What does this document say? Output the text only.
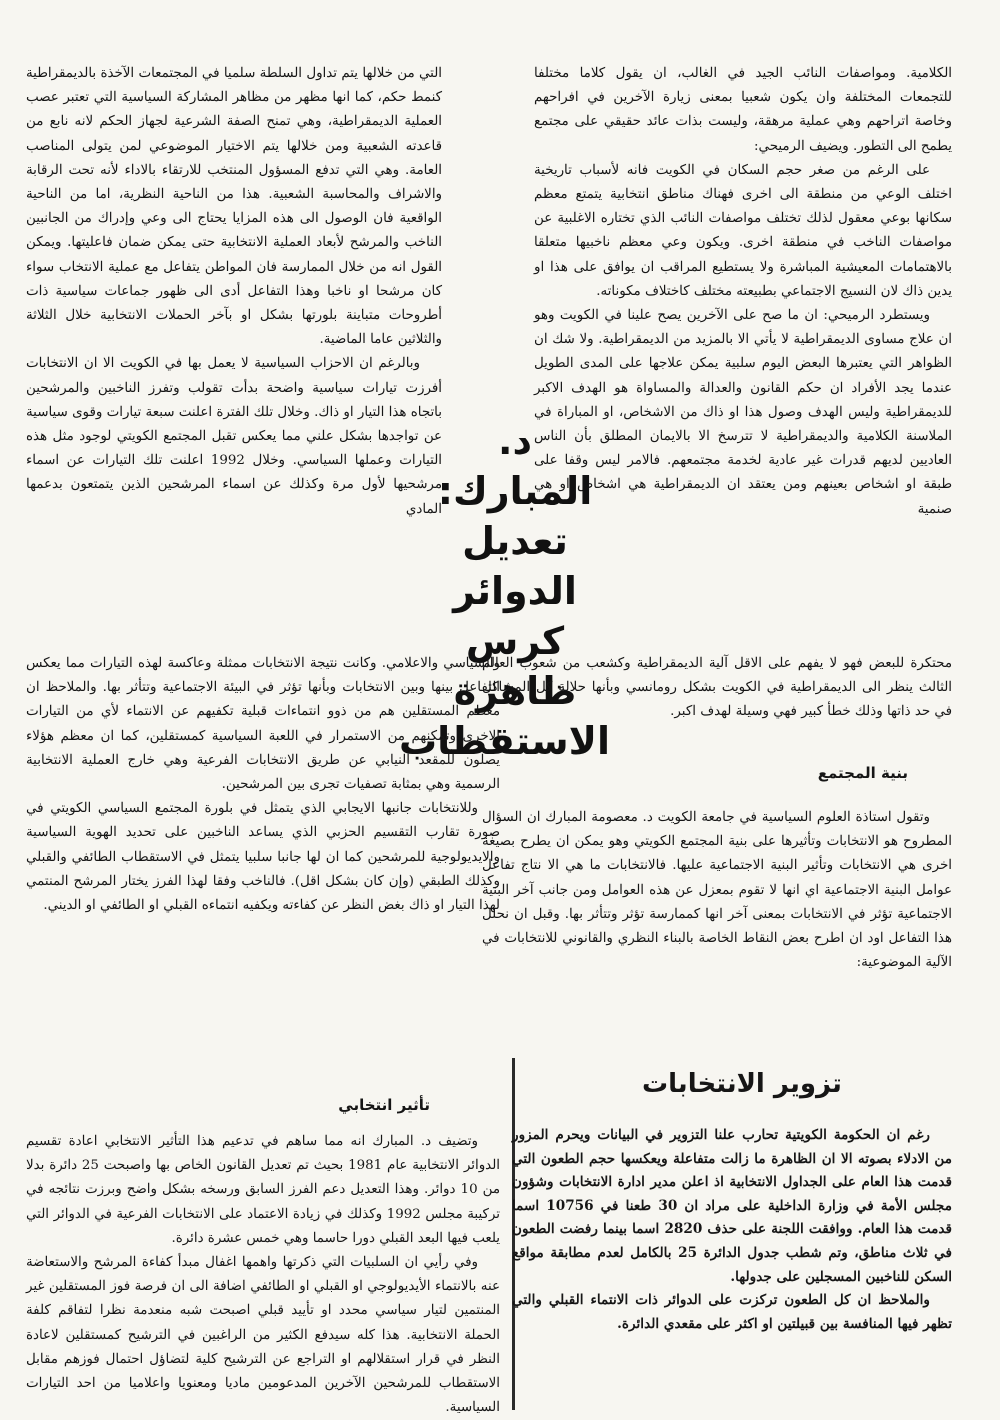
الكلامية. ومواصفات النائب الجيد في الغالب، ان يقول كلاما مختلفا للتجمعات المختلفة وان يكون شعبيا بمعنى زيارة الآخرين في افراحهم وخاصة اتراحهم وهي عملية مرهقة، وليست بذات عائد حقيقي على مجتمع يطمح الى التطور. ويضيف الرميحي:

على الرغم من صغر حجم السكان في الكويت فانه لأسباب تاريخية اختلف الوعي من منطقة الى اخرى فهناك مناطق انتخابية يتمتع معظم سكانها بوعي معقول لذلك تختلف مواصفات النائب الذي تختاره الاغلبية عن مواصفات الناخب في منطقة اخرى. ويكون وعي معظم ناخبيها متعلقا بالاهتمامات المعيشية المباشرة ولا يستطيع المراقب ان يوافق على هذا او يدين ذاك لان النسيج الاجتماعي بطبيعته مختلف كاختلاف مكوناته.

ويستطرد الرميحي: ان ما صح على الآخرين يصح علينا في الكويت وهو ان علاج مساوى الديمقراطية لا يأتي الا بالمزيد من الديمقراطية. ولا شك ان الظواهر التي يعتبرها البعض اليوم سلبية يمكن علاجها على المدى الطويل عندما يجد الأفراد ان حكم القانون والعدالة والمساواة هو الهدف الاكبر للديمقراطية وليس الهدف وصول هذا او ذاك من الاشخاص، او المباراة في الملاسنة الكلامية والديمقراطية لا تترسخ الا بالايمان المطلق بأن الناس العاديين لديهم قدرات غير عادية لخدمة مجتمعهم. فالامر ليس وقفا على طبقة او اشخاص بعينهم ومن يعتقد ان الديمقراطية هي اشخاص او هي صنمية

التي من خلالها يتم تداول السلطة سلميا في المجتمعات الآخذة بالديمقراطية كنمط حكم، كما انها مظهر من مظاهر المشاركة السياسية التي تعتبر عصب العملية الديمقراطية، وهي تمنح الصفة الشرعية لجهاز الحكم لانه نابع من قاعدته الشعبية ومن خلالها يتم الاختيار الموضوعي لمن يتولى المناصب العامة. وهي التي تدفع المسؤول المنتخب للارتقاء بالاداء لأنه تحت الرقابة والاشراف والمحاسبة الشعبية. هذا من الناحية النظرية، اما من الناحية الواقعية فان الوصول الى هذه المزايا يحتاج الى وعي وإدراك من الجانبين الناخب والمرشح لأبعاد العملية الانتخابية حتى يمكن ضمان فاعليتها. ويمكن القول انه من خلال الممارسة فان المواطن يتفاعل مع عملية الانتخاب سواء كان مرشحا او ناخبا وهذا التفاعل أدى الى ظهور جماعات سياسية ذات أطروحات متباينة بلورتها بشكل او بآخر الحملات الانتخابية خلال الثلاثة والثلاثين عاما الماضية.

وبالرغم ان الاحزاب السياسية لا يعمل بها في الكويت الا ان الانتخابات أفرزت تيارات سياسية واضحة بدأت تقولب وتفرز الناخبين والمرشحين باتجاه هذا التيار او ذاك. وخلال تلك الفترة اعلنت سبعة تيارات وقوى سياسية عن تواجدها بشكل علني مما يعكس تقبل المجتمع الكويتي لوجود مثل هذه التيارات وعملها السياسي. وخلال 1992 اعلنت تلك التيارات عن اسماء مرشحيها لأول مرة وكذلك عن اسماء المرشحين الذين يتمتعون بدعمها المادي

د. المبارك:
تعديل الدوائر
كرس ظاهرة
الاستقطاب

محتكرة للبعض فهو لا يفهم على الاقل آلية الديمقراطية وكشعب من شعوب العالم الثالث ينظر الى الديمقراطية في الكويت بشكل رومانسي وبأنها حلالة كل المشاكل في حد ذاتها وذلك خطأ كبير فهي وسيلة لهدف اكبر.

والسياسي والاعلامي. وكانت نتيجة الانتخابات ممثلة وعاكسة لهذه التيارات مما يعكس التفاعل بينها وبين الانتخابات وبأنها تؤثر في البيئة الاجتماعية وتتأثر بها. والملاحظ ان معظم المستقلين هم من ذوو انتماءات قبلية تكفيهم عن الانتماء لأي من التيارات الاخرى وتمكنهم من الاستمرار في اللعبة السياسية كمستقلين، كما ان معظم هؤلاء يصلون للمقعد النيابي عن طريق الانتخابات الفرعية وهي خارج العملية الانتخابية الرسمية وهي بمثابة تصفيات تجرى بين المرشحين.

وللانتخابات جانبها الايجابي الذي يتمثل في بلورة المجتمع السياسي الكويتي في صورة تقارب التقسيم الحزبي الذي يساعد الناخبين على تحديد الهوية السياسية والايديولوجية للمرشحين كما ان لها جانبا سلبيا يتمثل في الاستقطاب الطائفي والقبلي وكذلك الطبقي (وإن كان بشكل اقل). فالناخب وفقا لهذا الفرز يختار المرشح المنتمي لهذا التيار او ذاك بغض النظر عن كفاءته ويكفيه انتماءه القبلي او الطائفي او الديني.

بنية المجتمع

وتقول استاذة العلوم السياسية في جامعة الكويت د. معصومة المبارك ان السؤال المطروح هو الانتخابات وتأثيرها على بنية المجتمع الكويتي وهو يمكن ان يطرح بصيغة اخرى هي الانتخابات وتأثير البنية الاجتماعية عليها. فالانتخابات ما هي الا نتاج تفاعل عوامل البنية الاجتماعية اي انها لا تقوم بمعزل عن هذه العوامل ومن جانب آخر البنية الاجتماعية تؤثر في الانتخابات بمعنى آخر انها كممارسة تؤثر وتتأثر بها. وقبل ان نحلل هذا التفاعل اود ان اطرح بعض النقاط الخاصة بالبناء النظري والقانوني للانتخابات في الآلية الموضوعية:

تأثير انتخابي

وتضيف د. المبارك انه مما ساهم في تدعيم هذا التأثير الانتخابي اعادة تقسيم الدوائر الانتخابية عام 1981 بحيث تم تعديل القانون الخاص بها واصبحت 25 دائرة بدلا من 10 دوائر. وهذا التعديل دعم الفرز السابق ورسخه بشكل واضح وبرزت نتائجه في تركيبة مجلس 1992 وكذلك في زيادة الاعتماد على الانتخابات الفرعية في الدوائر التي يلعب فيها البعد القبلي دورا حاسما وهي خمس عشرة دائرة.

وفي رأيي ان السلبيات التي ذكرتها واهمها اغفال مبدأ كفاءة المرشح والاستعاضة عنه بالانتماء الأيديولوجي او القبلي او الطائفي اضافة الى ان فرصة فوز المستقلين غير المنتمين لتيار سياسي محدد او تأييد قبلي اصبحت شبه منعدمة نظرا لتفاقم كلفة الحملة الانتخابية. هذا كله سيدفع الكثير من الراغبين في الترشيح كمستقلين لاعادة النظر في قرار استقلالهم او التراجع عن الترشيح كلية لتضاؤل احتمال فوزهم مقابل الاستقطاب للمرشحين الآخرين المدعومين ماديا ومعنويا واعلاميا من احد التيارات السياسية.

تزوير الانتخابات

رغم ان الحكومة الكويتية تحارب علنا التزوير في البيانات ويحرم المزور من الادلاء بصوته الا ان الظاهرة ما زالت متفاعلة ويعكسها حجم الطعون التي قدمت هذا العام على الجداول الانتخابية اذ اعلن مدير ادارة الانتخابات وشؤون مجلس الأمة في وزارة الداخلية على مراد ان 30 طعنا في 10756 اسما قدمت هذا العام. ووافقت اللجنة على حذف 2820 اسما بينما رفضت الطعون في ثلاث مناطق، وتم شطب جدول الدائرة 25 بالكامل لعدم مطابقة مواقع السكن للناخبين المسجلين على جدولها.

والملاحظ ان كل الطعون تركزت على الدوائر ذات الانتماء القبلي والتي تظهر فيها المنافسة بين قبيلتين او اكثر على مقعدي الدائرة.
